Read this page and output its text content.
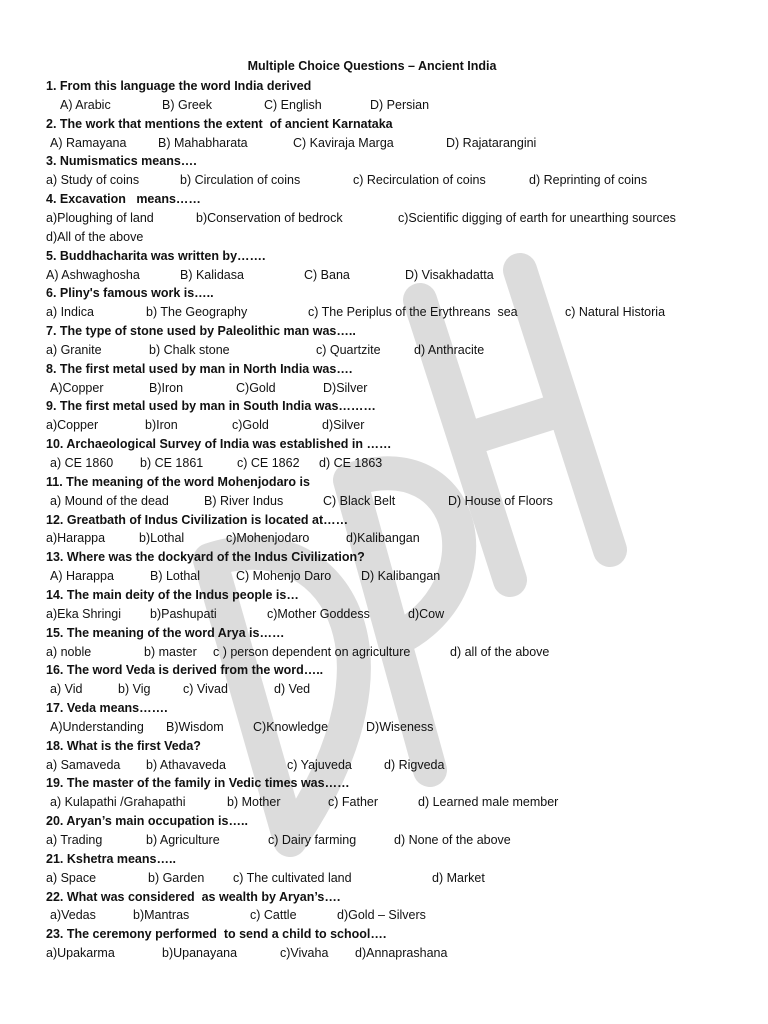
Multiple Choice Questions – Ancient India
1. From this language the word India derived
A) Arabic	B) Greek	C) English	D) Persian
2. The work that mentions the extent  of ancient Karnataka
A) Ramayana	B) Mahabharata	C) Kaviraja Marga	D) Rajatarangini
3. Numismatics means….
a) Study of coins	b) Circulation of coins	c) Recirculation of coins	d) Reprinting of coins
4. Excavation   means……
a)Ploughing of land	b)Conservation of bedrock	c)Scientific digging of earth for unearthing sources
d)All of the above
5. Buddhacharita was written by…….
A) Ashwaghosha	B) Kalidasa	C) Bana	D) Visakhadatta
6. Pliny's famous work is…..
a) Indica	b) The Geography	c) The Periplus of the Erythreans  sea	c) Natural Historia
7. The type of stone used by Paleolithic man was…..
a) Granite	b) Chalk stone	c) Quartzite	d) Anthracite
8. The first metal used by man in North India was….
A)Copper	B)Iron	C)Gold	D)Silver
9. The first metal used by man in South India was………
a)Copper	b)Iron	c)Gold	d)Silver
10. Archaeological Survey of India was established in ……
a) CE 1860 b) CE 1861	c) CE 1862 d) CE 1863
11. The meaning of the word Mohenjodaro is
a) Mound of the dead	B) River Indus	C) Black Belt	D) House of Floors
12. Greatbath of Indus Civilization is located at……
a)Harappa	b)Lothal	c)Mohenjodaro	d)Kalibangan
13. Where was the dockyard of the Indus Civilization?
A) Harappa	B) Lothal	C) Mohenjo Daro D) Kalibangan
14. The main deity of the Indus people is…
a)Eka Shringi b)Pashupati	c)Mother Goddess	d)Cow
15. The meaning of the word Arya is……
a) noble	b) master c ) person dependent on agriculture	d) all of the above
16. The word Veda is derived from the word…..
a) Vid	b) Vig	c) Vivad	d) Ved
17. Veda means…….
A)Understanding B)Wisdom C)Knowledge	D)Wiseness
18. What is the first Veda?
a) Samaveda b) Athavaveda	c) Yajuveda	d) Rigveda
19. The master of the family in Vedic times was……
a) Kulapathi /Grahapathi	b) Mother	c) Father	d) Learned male member
20. Aryan’s main occupation is…..
a) Trading	b) Agriculture	c) Dairy farming	d) None of the above
21. Kshetra means…..
a) Space	b) Garden c) The cultivated land	d) Market
22. What was considered  as wealth by Aryan’s….
a)Vedas	b)Mantras	c) Cattle	d)Gold – Silvers
23. The ceremony performed  to send a child to school….
a)Upakarma	b)Upanayana	c)Vivaha d)Annaprashana
